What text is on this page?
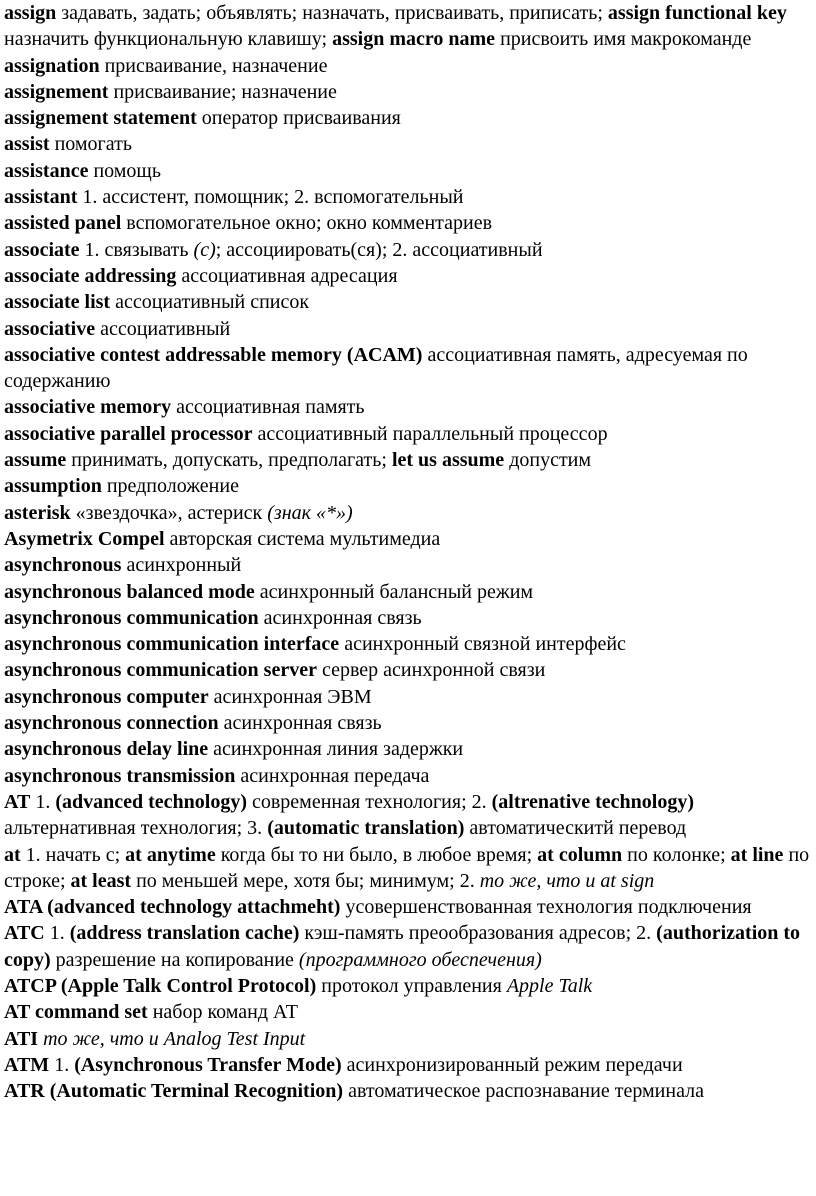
assign задавать, задать; объявлять; назначать, присваивать, приписать; assign functional key назначить функциональную клавишу; assign macro name присвоить имя макрокоманде

assignation присваивание, назначение

assignement присваивание; назначение

assignement statement оператор присваивания

assist помогать

assistance помощь

assistant 1. ассистент, помощник; 2. вспомогательный

assisted panel вспомогательное окно; окно комментариев

associate 1. связывать (с); ассоциировать(ся); 2. ассоциативный

associate addressing ассоциативная адресация

associate list ассоциативный список

associative ассоциативный

associative contest addressable memory (ACAM) ассоциативная память, адресуемая по содержанию

associative memory ассоциативная память

associative parallel processor ассоциативный параллельный процессор

assume принимать, допускать, предполагать; let us assume допустим

assumption предположение

asterisk «звездочка», астериск (знак «*»)

Asymetrix Compel авторская система мультимедиа

asynchronous асинхронный

asynchronous balanced mode асинхронный балансный режим

asynchronous communication асинхронная связь

asynchronous communication interface асинхронный связной интерфейс

asynchronous communication server сервер асинхронной связи

asynchronous computer асинхронная ЭВМ

asynchronous connection асинхронная связь

asynchronous delay line асинхронная линия задержки

asynchronous transmission асинхронная передача

AT 1. (advanced technology) современная технология; 2. (altrenative technology) альтернативная технология; 3. (automatic translation) автоматическитй перевод

at 1. начать с; at anytime когда бы то ни было, в любое время; at column по колонке; at line по строке; at least по меньшей мере, хотя бы; минимум; 2. то же, что и at sign

ATA (advanced technology attachmeht) усовершенствованная технология подключения

ATC 1. (address translation cache) кэш-память преообразования адресов; 2. (authorization to copy) разрешение на копирование (программного обеспечения)

ATCP (Apple Talk Control Protocol) протокол управления Apple Talk

AT command set набор команд АТ

ATI то же, что и Analog Test Input

ATM 1. (Asynchronous Transfer Mode) асинхронизированный режим передачи

ATR (Automatic Terminal Recognition) автоматическое распознавание терминала
